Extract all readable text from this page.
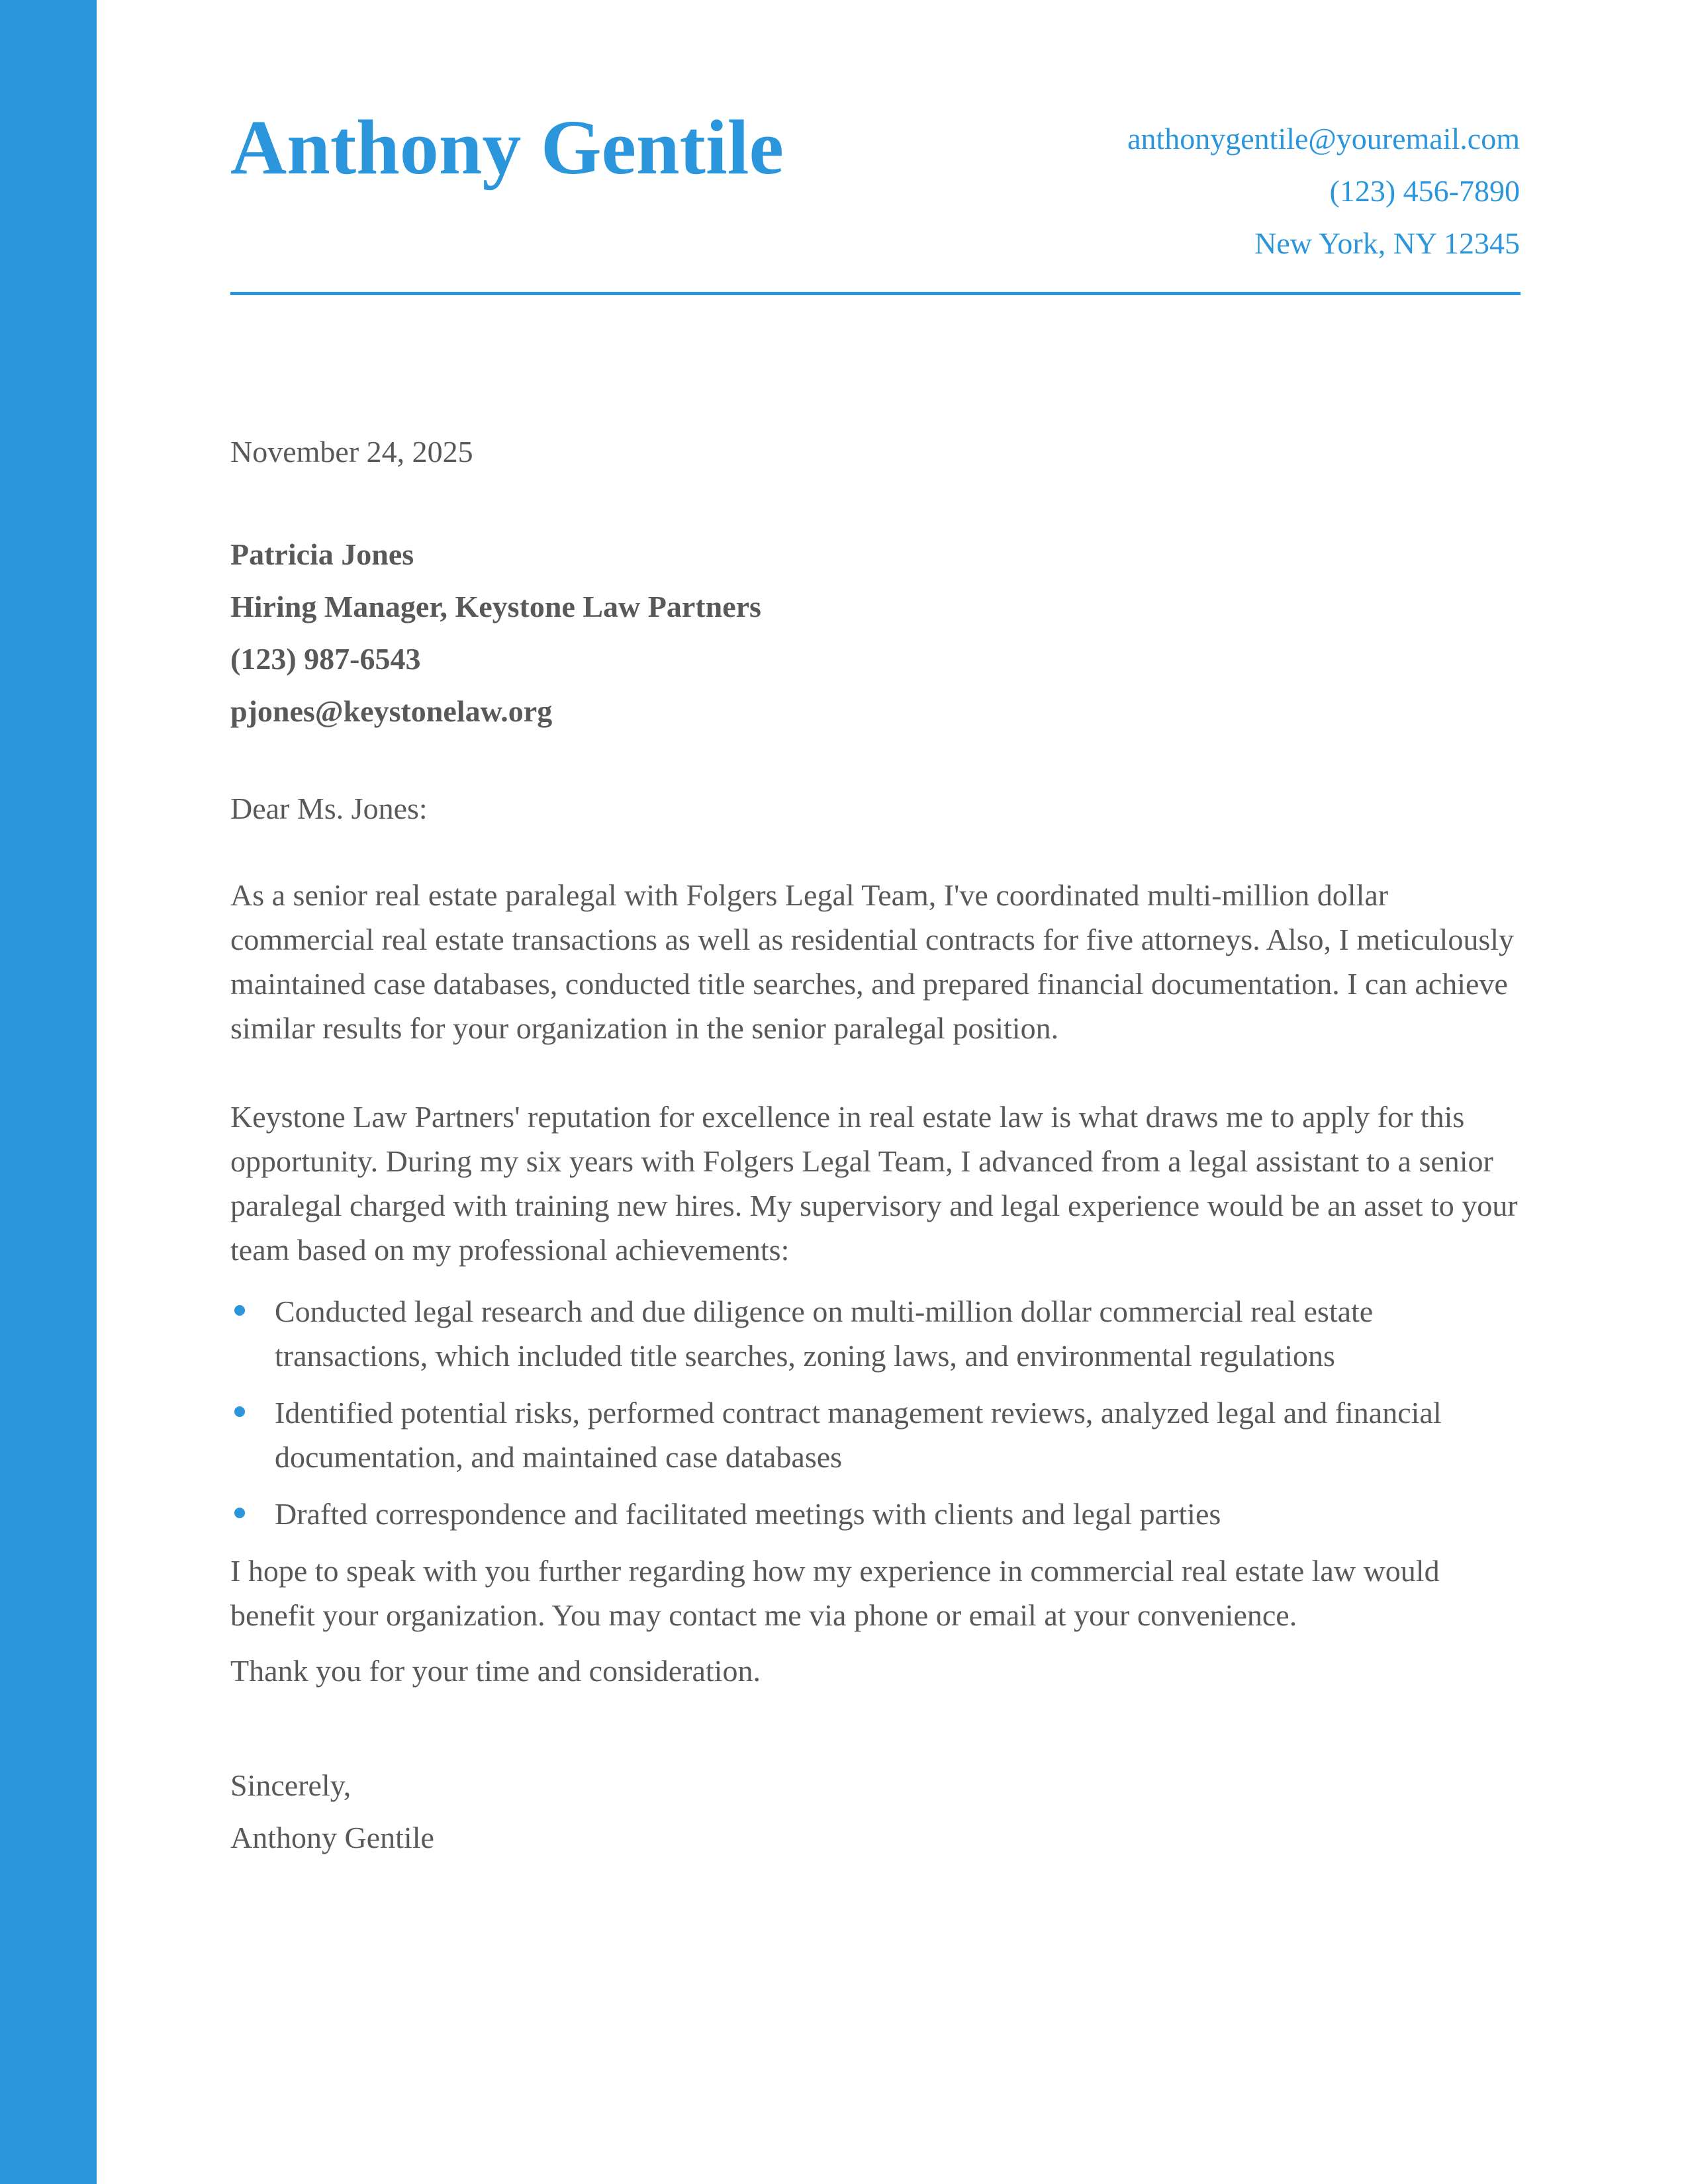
Anthony Gentile	anthonygentile@youremail.com
(123) 456-7890
New York, NY 12345
November 24, 2025
Patricia Jones
Hiring Manager, Keystone Law Partners
(123) 987-6543
pjones@keystonelaw.org
Dear Ms. Jones:

As a senior real estate paralegal with Folgers Legal Team, I've coordinated multi-million dollar commercial real estate transactions as well as residential contracts for five attorneys. Also, I meticulously maintained case databases, conducted title searches, and prepared financial documentation. I can achieve similar results for your organization in the senior paralegal position.

Keystone Law Partners' reputation for excellence in real estate law is what draws me to apply for this opportunity. During my six years with Folgers Legal Team, I advanced from a legal assistant to a senior paralegal charged with training new hires. My supervisory and legal experience would be an asset to your team based on my professional achievements:

Conducted legal research and due diligence on multi-million dollar commercial real estate transactions, which included title searches, zoning laws, and environmental regulations
Identified potential risks, performed contract management reviews, analyzed legal and financial documentation, and maintained case databases
Drafted correspondence and facilitated meetings with clients and legal parties

I hope to speak with you further regarding how my experience in commercial real estate law would benefit your organization. You may contact me via phone or email at your convenience.

Thank you for your time and consideration.

Sincerely,
Anthony Gentile
